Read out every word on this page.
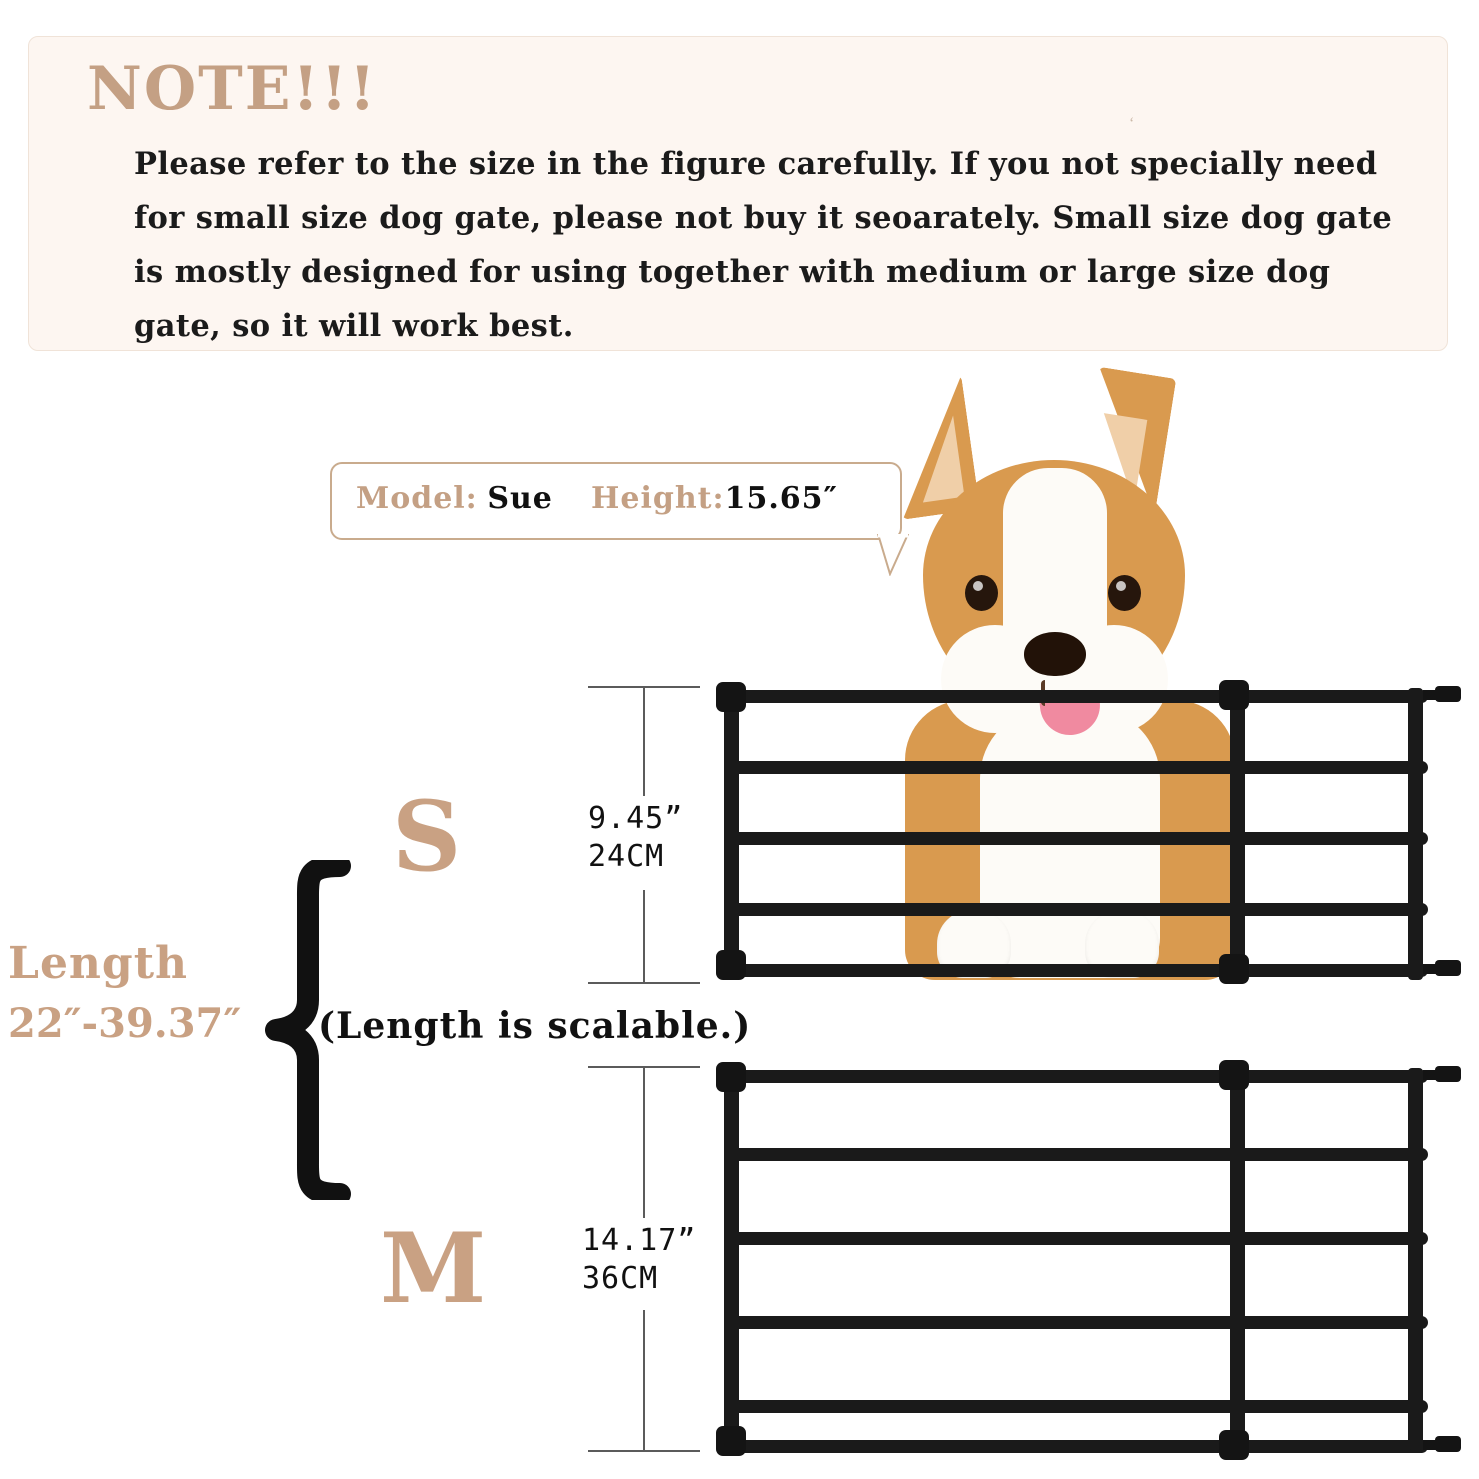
NOTE!!!	ʻ
Please refer to the size in the figure carefully. If you not specially need for small size dog gate, please not buy it seoarately. Small size dog gate is mostly designed for using together with medium or large size dog gate, so it will work best.
Model: Sue Height:15.65″
Length
22″-39.37″ (Length is scalable.)
S
M
9.45”
24CM
14.17”
36CM
